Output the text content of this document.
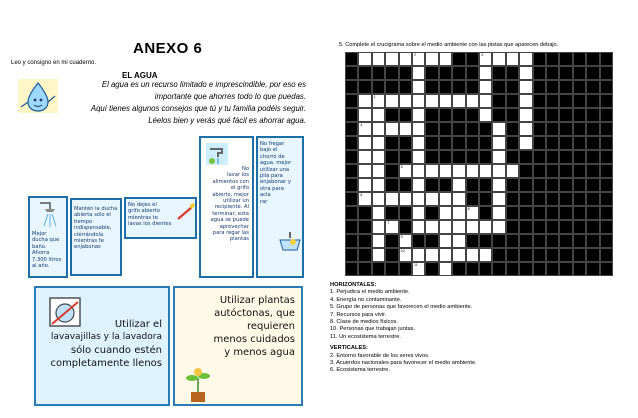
ANEXO 6
Leo y consigno en mi cuaderno.
EL AGUA
El agua es un recurso limitado e imprescindible, por eso es
importante que ahorres todo lo que puedas.
Aquí tienes algunos consejos que tú y tu familia podéis seguir.
Léelos bien y verás qué fácil es ahorrar agua.
Mejor
ducha que
baño.
Ahorra
7.300 litros
al año.
Mantén la ducha
abierta sólo el
tiempo
indispensable,
ciérrándola
mientras te
enjabonas
No dejes el
grifo abierto
mientras te
lavas los dientes
No
lavar los
alimentos con
el grifo
abierto, mejor
utilizar un
recipiente. Al
terminar, esta
agua se puede
aprovechar
para regar las
plantas
No fregar
bajo el
chorro de
agua, mejor
utilizar una
pila para
enjabonar y
otra para
acla
rar
Utilizar el
lavavajillas y la lavadora
sólo cuando estén
completamente llenos
Utilizar plantas
autóctonas, que
requieren
menos cuidados
y menos agua
5. Complete el crucigrama sobre el medio ambiente con las pistas que aparecen debajo.
2	3
1
4
5
6
8
7
9
10
11
HORIZONTALES:
1. Perjudica el medio ambiente.
4. Energía no contaminante.
5. Grupo de personas que favorecen el medio ambiente.
7. Recursos para vivir.
8. Clase de medios físicos.
10. Personas que trabajan juntas.
11. Un ecosistema terrestre.
VERTICALES:
2. Entorno favorable de los seres vivos.
3. Acuerdos nacionales para favorecer el medio ambiente.
6. Ecosistema terrestre.
